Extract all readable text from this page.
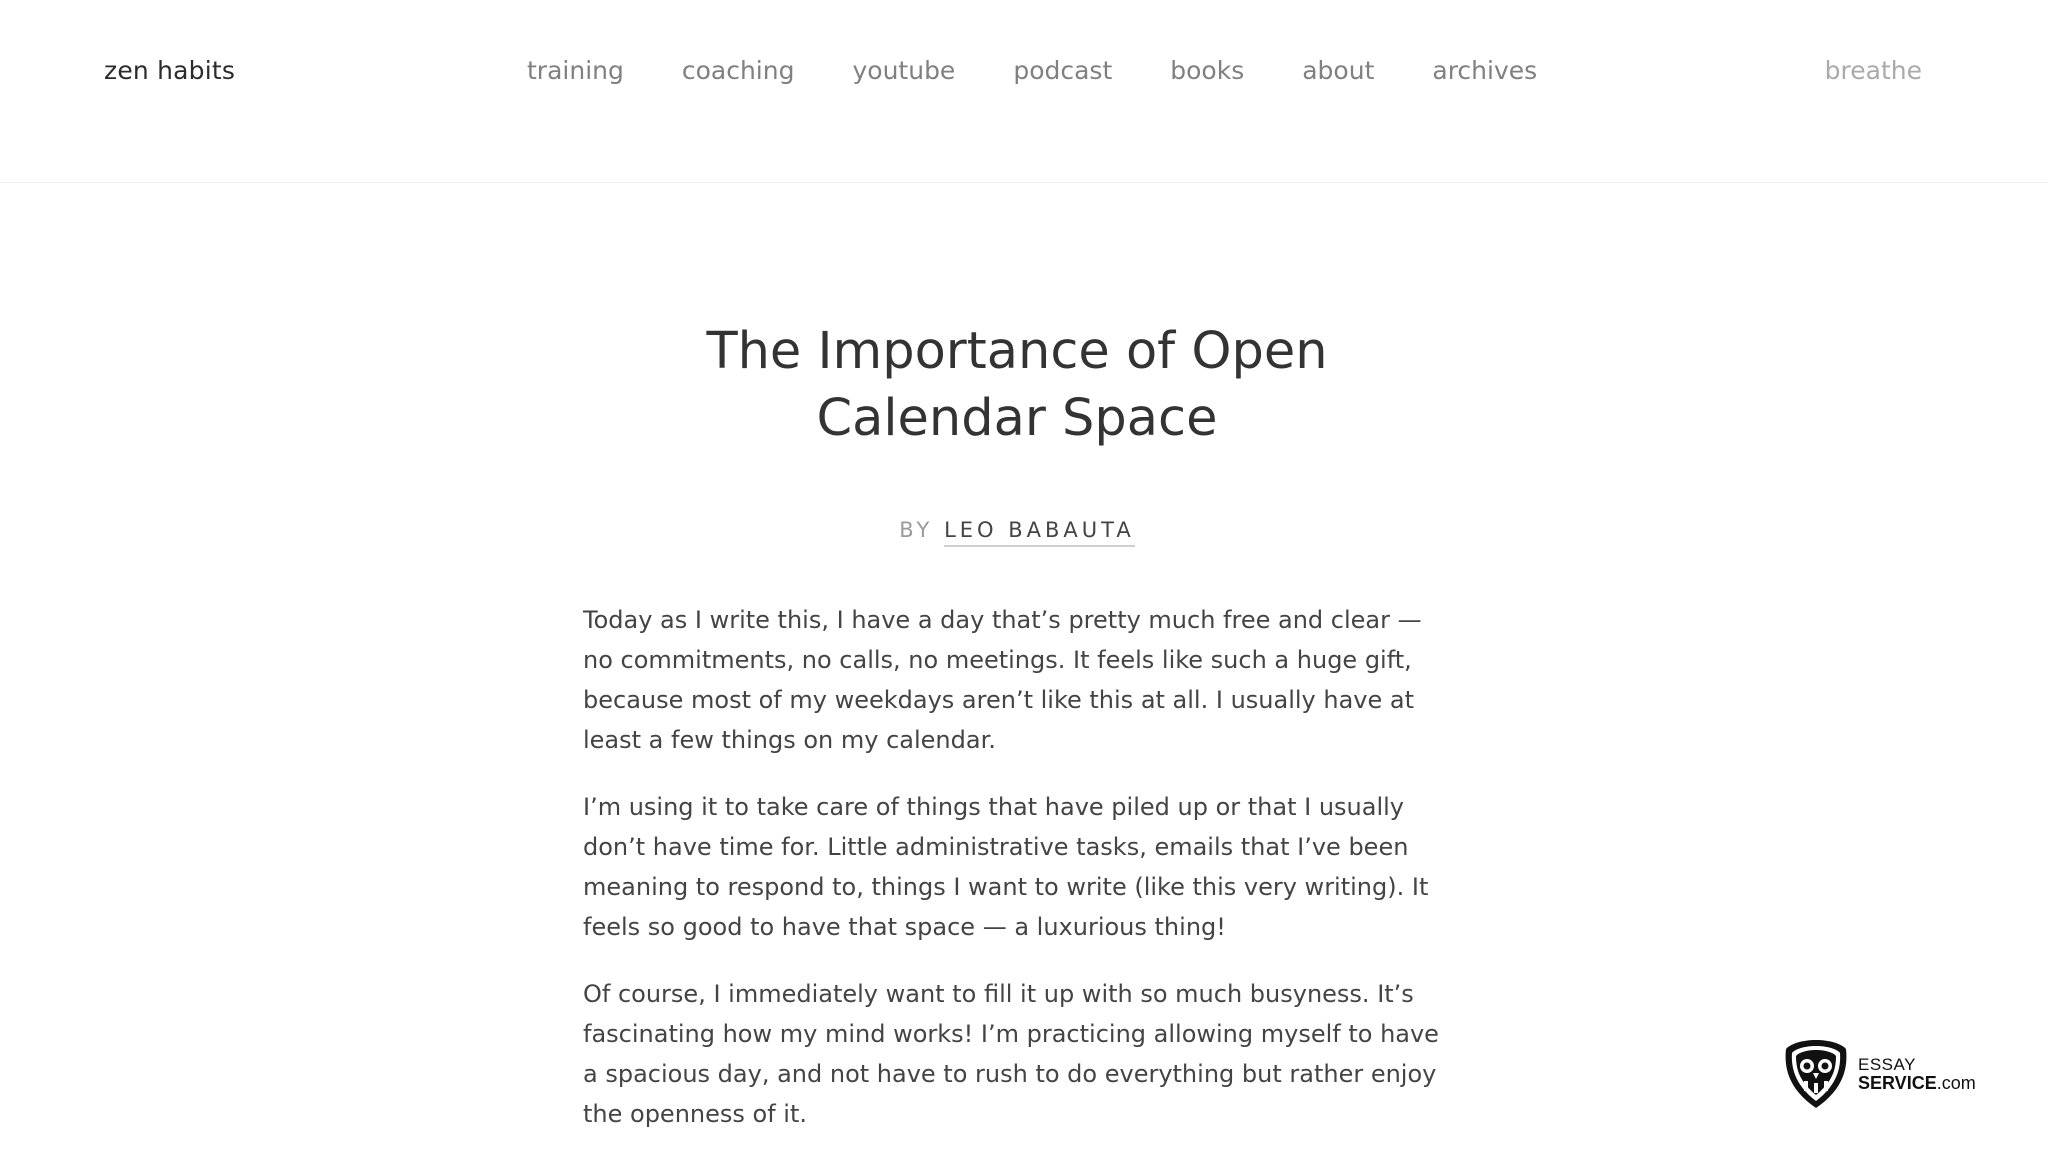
zen habits	training coaching youtube podcast books about archives	breathe
The Importance of Open Calendar Space
BY LEO BABAUTA

Today as I write this, I have a day that’s pretty much free and clear — no commitments, no calls, no meetings. It feels like such a huge gift, because most of my weekdays aren’t like this at all. I usually have at least a few things on my calendar.

I’m using it to take care of things that have piled up or that I usually don’t have time for. Little administrative tasks, emails that I’ve been meaning to respond to, things I want to write (like this very writing). It feels so good to have that space — a luxurious thing!

Of course, I immediately want to fill it up with so much busyness. It’s fascinating how my mind works! I’m practicing allowing myself to have a spacious day, and not have to rush to do everything but rather enjoy the openness of it.

ESSAY
SERVICE.com
